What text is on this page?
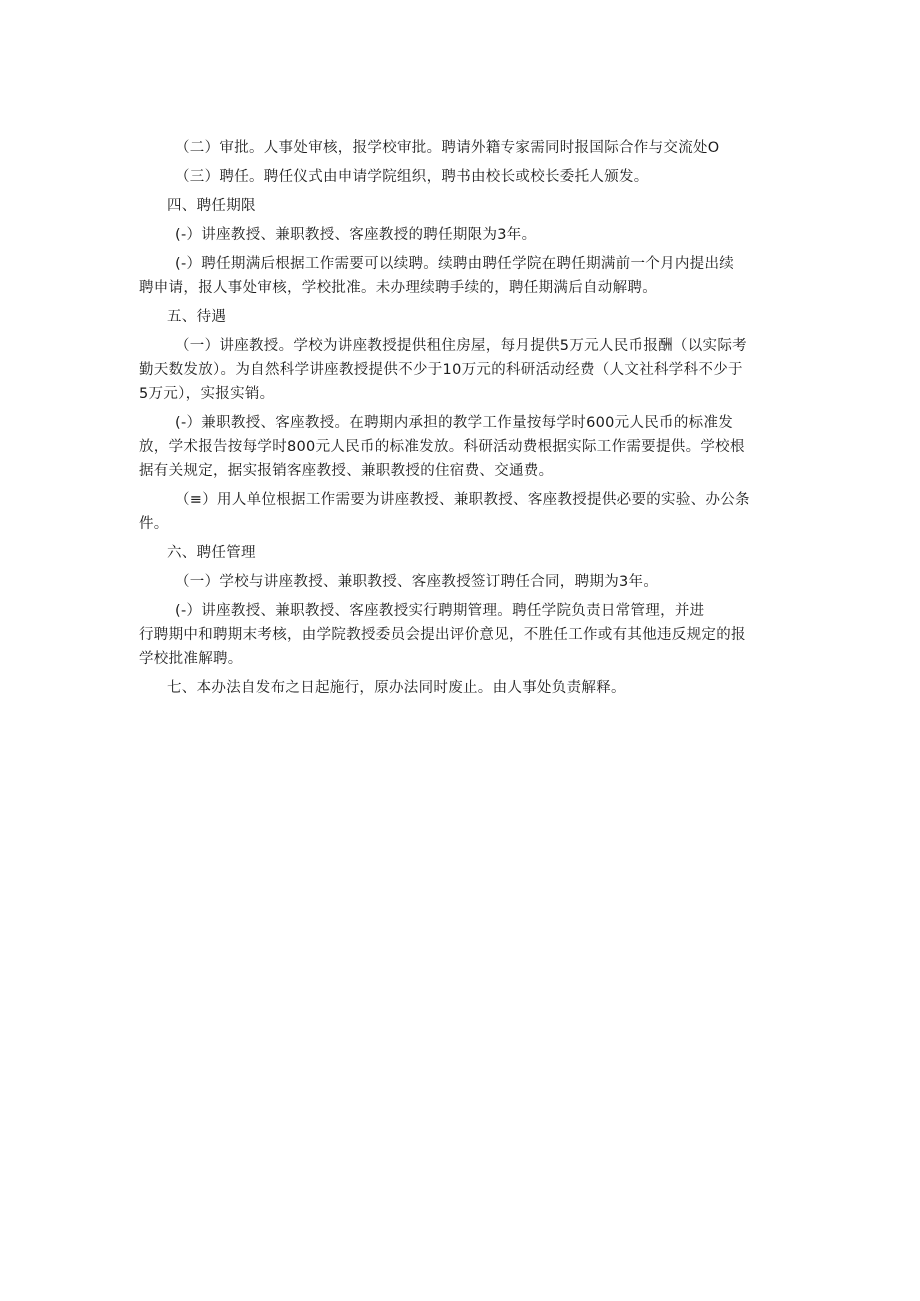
（二）审批。人事处审核，报学校审批。聘请外籍专家需同时报国际合作与交流处O

（三）聘任。聘任仪式由申请学院组织，聘书由校长或校长委托人颁发。

四、聘任期限

(-）讲座教授、兼职教授、客座教授的聘任期限为3年。

(-）聘任期满后根据工作需要可以续聘。续聘由聘任学院在聘任期满前一个月内提出续
聘申请，报人事处审核，学校批准。未办理续聘手续的，聘任期满后自动解聘。

五、待遇

（一）讲座教授。学校为讲座教授提供租住房屋，每月提供5万元人民币报酬（以实际考
勤天数发放）。为自然科学讲座教授提供不少于10万元的科研活动经费（人文社科学科不少于
5万元），实报实销。

(-）兼职教授、客座教授。在聘期内承担的教学工作量按每学时600元人民币的标准发
放，学术报告按每学时800元人民币的标准发放。科研活动费根据实际工作需要提供。学校根
据有关规定，据实报销客座教授、兼职教授的住宿费、交通费。

（≡）用人单位根据工作需要为讲座教授、兼职教授、客座教授提供必要的实验、办公条
件。

六、聘任管理

（一）学校与讲座教授、兼职教授、客座教授签订聘任合同，聘期为3年。

(-）讲座教授、兼职教授、客座教授实行聘期管理。聘任学院负责日常管理，并进
行聘期中和聘期末考核，由学院教授委员会提出评价意见，不胜任工作或有其他违反规定的报
学校批准解聘。

七、本办法自发布之日起施行，原办法同时废止。由人事处负责解释。
